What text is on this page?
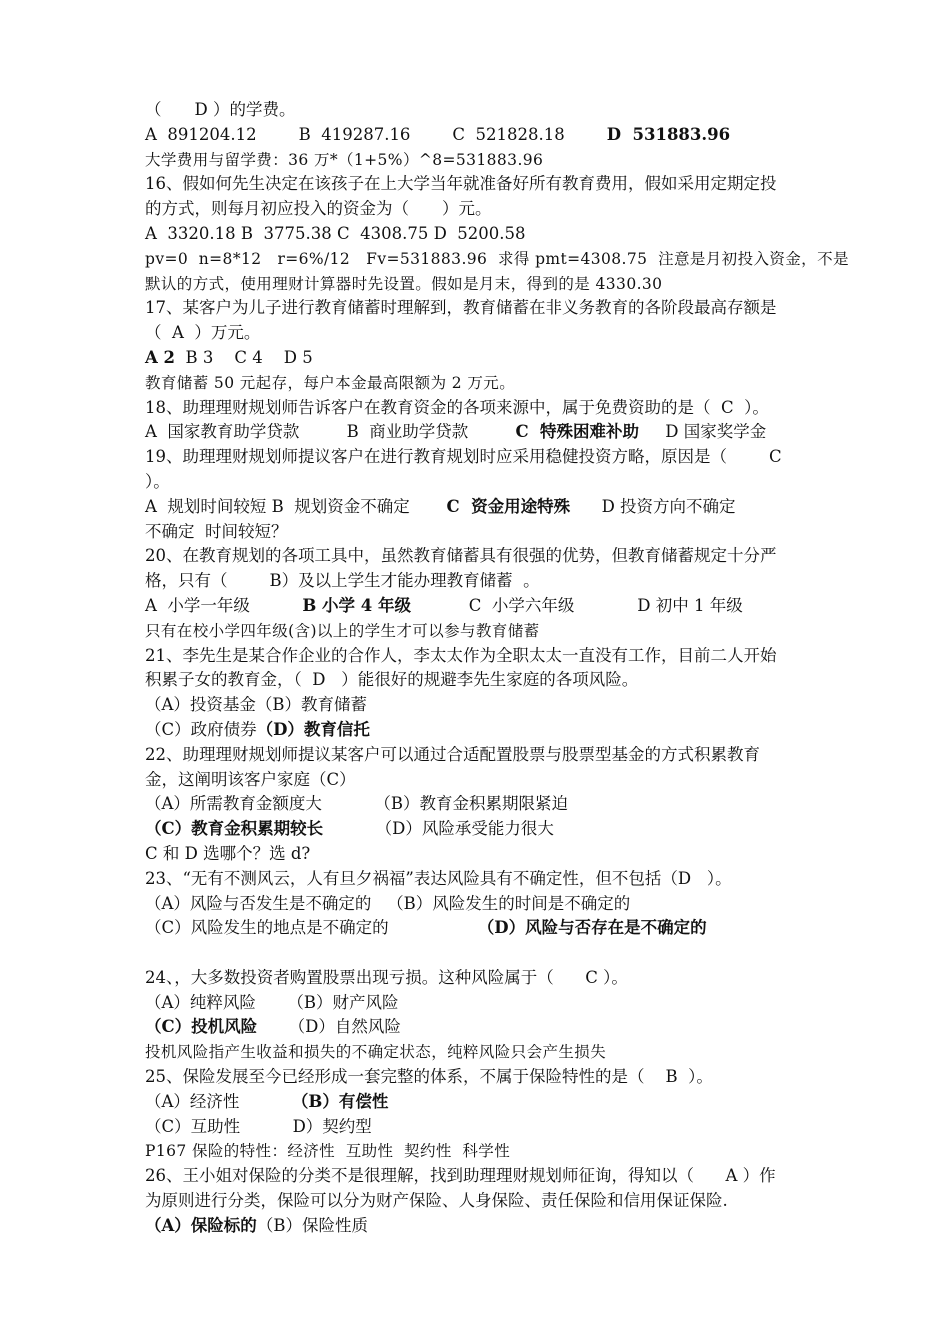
（　　D ）的学费。
A  891204.12        B  419287.16        C  521828.18        D  531883.96
大学费用与留学费：36 万*（1+5%）^8=531883.96
16、假如何先生决定在该孩子在上大学当年就准备好所有教育费用，假如采用定期定投
的方式，则每月初应投入的资金为（　　）元。
A  3320.18 B  3775.38 C  4308.75 D  5200.58
pv=0  n=8*12   r=6%/12   Fv=531883.96  求得 pmt=4308.75  注意是月初投入资金，不是
默认的方式，使用理财计算器时先设置。假如是月末，得到的是 4330.30
17、某客户为儿子进行教育储蓄时理解到，教育储蓄在非义务教育的各阶段最高存额是
（  A  ）万元。
A 2  B 3    C 4    D 5
教育储蓄 50 元起存，每户本金最高限额为 2 万元。
18、助理理财规划师告诉客户在教育资金的各项来源中，属于免费资助的是（  C  ）。
A  国家教育助学贷款         B  商业助学贷款         C  特殊困难补助     D 国家奖学金
19、助理理财规划师提议客户在进行教育规划时应采用稳健投资方略，原因是（        C
）。
A  规划时间较短 B  规划资金不确定       C  资金用途特殊      D 投资方向不确定
不确定  时间较短？
20、在教育规划的各项工具中，虽然教育储蓄具有很强的优势，但教育储蓄规定十分严
格，只有（        B）及以上学生才能办理教育储蓄  。
A  小学一年级          B 小学 4 年级           C  小学六年级            D 初中 1 年级
只有在校小学四年级(含)以上的学生才可以参与教育储蓄
21、李先生是某合作企业的合作人，李太太作为全职太太一直没有工作，目前二人开始
积累子女的教育金，（  D   ）能很好的规避李先生家庭的各项风险。
（A）投资基金（B）教育储蓄
（C）政府债券（D）教育信托
22、助理理财规划师提议某客户可以通过合适配置股票与股票型基金的方式积累教育
金，这阐明该客户家庭（C）
（A）所需教育金额度大          （B）教育金积累期限紧迫
（C）教育金积累期较长          （D）风险承受能力很大
C 和 D 选哪个？选 d?
23、“无有不测风云，人有旦夕祸福”表达风险具有不确定性，但不包括（D   ）。
（A）风险与否发生是不确定的   （B）风险发生的时间是不确定的
（C）风险发生的地点是不确定的                 （D）风险与否存在是不确定的
24、，大多数投资者购置股票出现亏损。这种风险属于（      C ）。
（A）纯粹风险      （B）财产风险
（C）投机风险      （D）自然风险
投机风险指产生收益和损失的不确定状态，纯粹风险只会产生损失
25、保险发展至今已经形成一套完整的体系，不属于保险特性的是（    B  ）。
（A）经济性          （B）有偿性
（C）互助性          D）契约型
P167 保险的特性：经济性  互助性  契约性  科学性
26、王小姐对保险的分类不是很理解，找到助理理财规划师征询，得知以（      A ）作
为原则进行分类，保险可以分为财产保险、人身保险、责任保险和信用保证保险.
（A）保险标的（B）保险性质
